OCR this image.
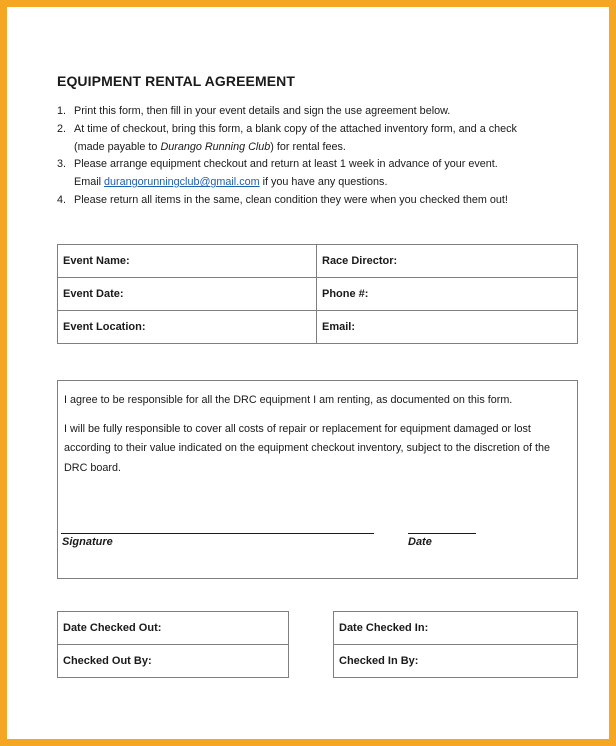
EQUIPMENT RENTAL AGREEMENT
1. Print this form, then fill in your event details and sign the use agreement below.
2. At time of checkout, bring this form, a blank copy of the attached inventory form, and a check (made payable to Durango Running Club) for rental fees.
3. Please arrange equipment checkout and return at least 1 week in advance of your event. Email durangorunningclub@gmail.com if you have any questions.
4. Please return all items in the same, clean condition they were when you checked them out!
Event Name:	Race Director:
Event Date:	Phone #:
Event Location:	Email:

I agree to be responsible for all the DRC equipment I am renting, as documented on this form.

I will be fully responsible to cover all costs of repair or replacement for equipment damaged or lost according to their value indicated on the equipment checkout inventory, subject to the discretion of the DRC board.

Signature	Date
Date Checked Out:
Checked Out By:
Date Checked In:
Checked In By:
